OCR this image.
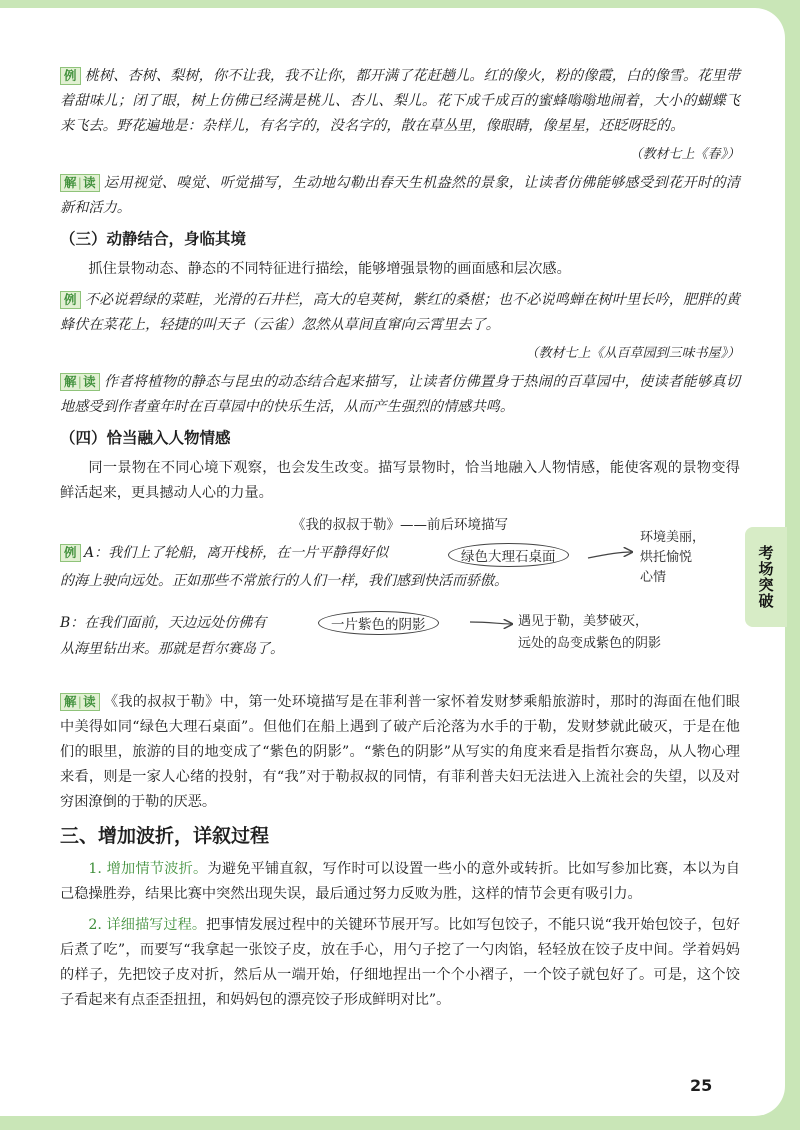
例 桃树、杏树、梨树，你不让我，我不让你，都开满了花赶趟儿。红的像火，粉的像霞，白的像雪。花里带着甜味儿；闭了眼，树上仿佛已经满是桃儿、杏儿、梨儿。花下成千成百的蜜蜂嗡嗡地闹着，大小的蝴蝶飞来飞去。野花遍地是：杂样儿，有名字的，没名字的，散在草丛里，像眼睛，像星星，还眨呀眨的。

（教材七上《春》）

解|读 运用视觉、嗅觉、听觉描写，生动地勾勒出春天生机盎然的景象，让读者仿佛能够感受到花开时的清新和活力。

（三）动静结合，身临其境

抓住景物动态、静态的不同特征进行描绘，能够增强景物的画面感和层次感。

例 不必说碧绿的菜畦，光滑的石井栏，高大的皂荚树，紫红的桑椹；也不必说鸣蝉在树叶里长吟，肥胖的黄蜂伏在菜花上，轻捷的叫天子（云雀）忽然从草间直窜向云霄里去了。

（教材七上《从百草园到三味书屋》）

解|读 作者将植物的静态与昆虫的动态结合起来描写，让读者仿佛置身于热闹的百草园中，使读者能够真切地感受到作者童年时在百草园中的快乐生活，从而产生强烈的情感共鸣。

（四）恰当融入人物情感

同一景物在不同心境下观察，也会发生改变。描写景物时，恰当地融入人物情感，能使客观的景物变得鲜活起来，更具撼动人心的力量。

《我的叔叔于勒》——前后环境描写
例 A：我们上了轮船，离开栈桥，在一片平静得好似	绿色大理石桌面
的海上驶向远处。正如那些不常旅行的人们一样，我们感到快活而骄傲。
环境美丽，
烘托愉悦
心情
B：在我们面前，天边远处仿佛有	一片紫色的阴影
从海里钻出来。那就是哲尔赛岛了。
遇见于勒，美梦破灭，
远处的岛变成紫色的阴影

解|读 《我的叔叔于勒》中，第一处环境描写是在菲利普一家怀着发财梦乘船旅游时，那时的海面在他们眼中美得如同“绿色大理石桌面”。但他们在船上遇到了破产后沦落为水手的于勒，发财梦就此破灭，于是在他们的眼里，旅游的目的地变成了“紫色的阴影”。“紫色的阴影”从写实的角度来看是指哲尔赛岛，从人物心理来看，则是一家人心绪的投射，有“我”对于勒叔叔的同情，有菲利普夫妇无法进入上流社会的失望，以及对穷困潦倒的于勒的厌恶。

三、增加波折，详叙过程

1. 增加情节波折。为避免平铺直叙，写作时可以设置一些小的意外或转折。比如写参加比赛，本以为自己稳操胜券，结果比赛中突然出现失误，最后通过努力反败为胜，这样的情节会更有吸引力。

2. 详细描写过程。把事情发展过程中的关键环节展开写。比如写包饺子，不能只说“我开始包饺子，包好后煮了吃”，而要写“我拿起一张饺子皮，放在手心，用勺子挖了一勺肉馅，轻轻放在饺子皮中间。学着妈妈的样子，先把饺子皮对折，然后从一端开始，仔细地捏出一个个小褶子，一个饺子就包好了。可是，这个饺子看起来有点歪歪扭扭，和妈妈包的漂亮饺子形成鲜明对比”。

考场突破
25
